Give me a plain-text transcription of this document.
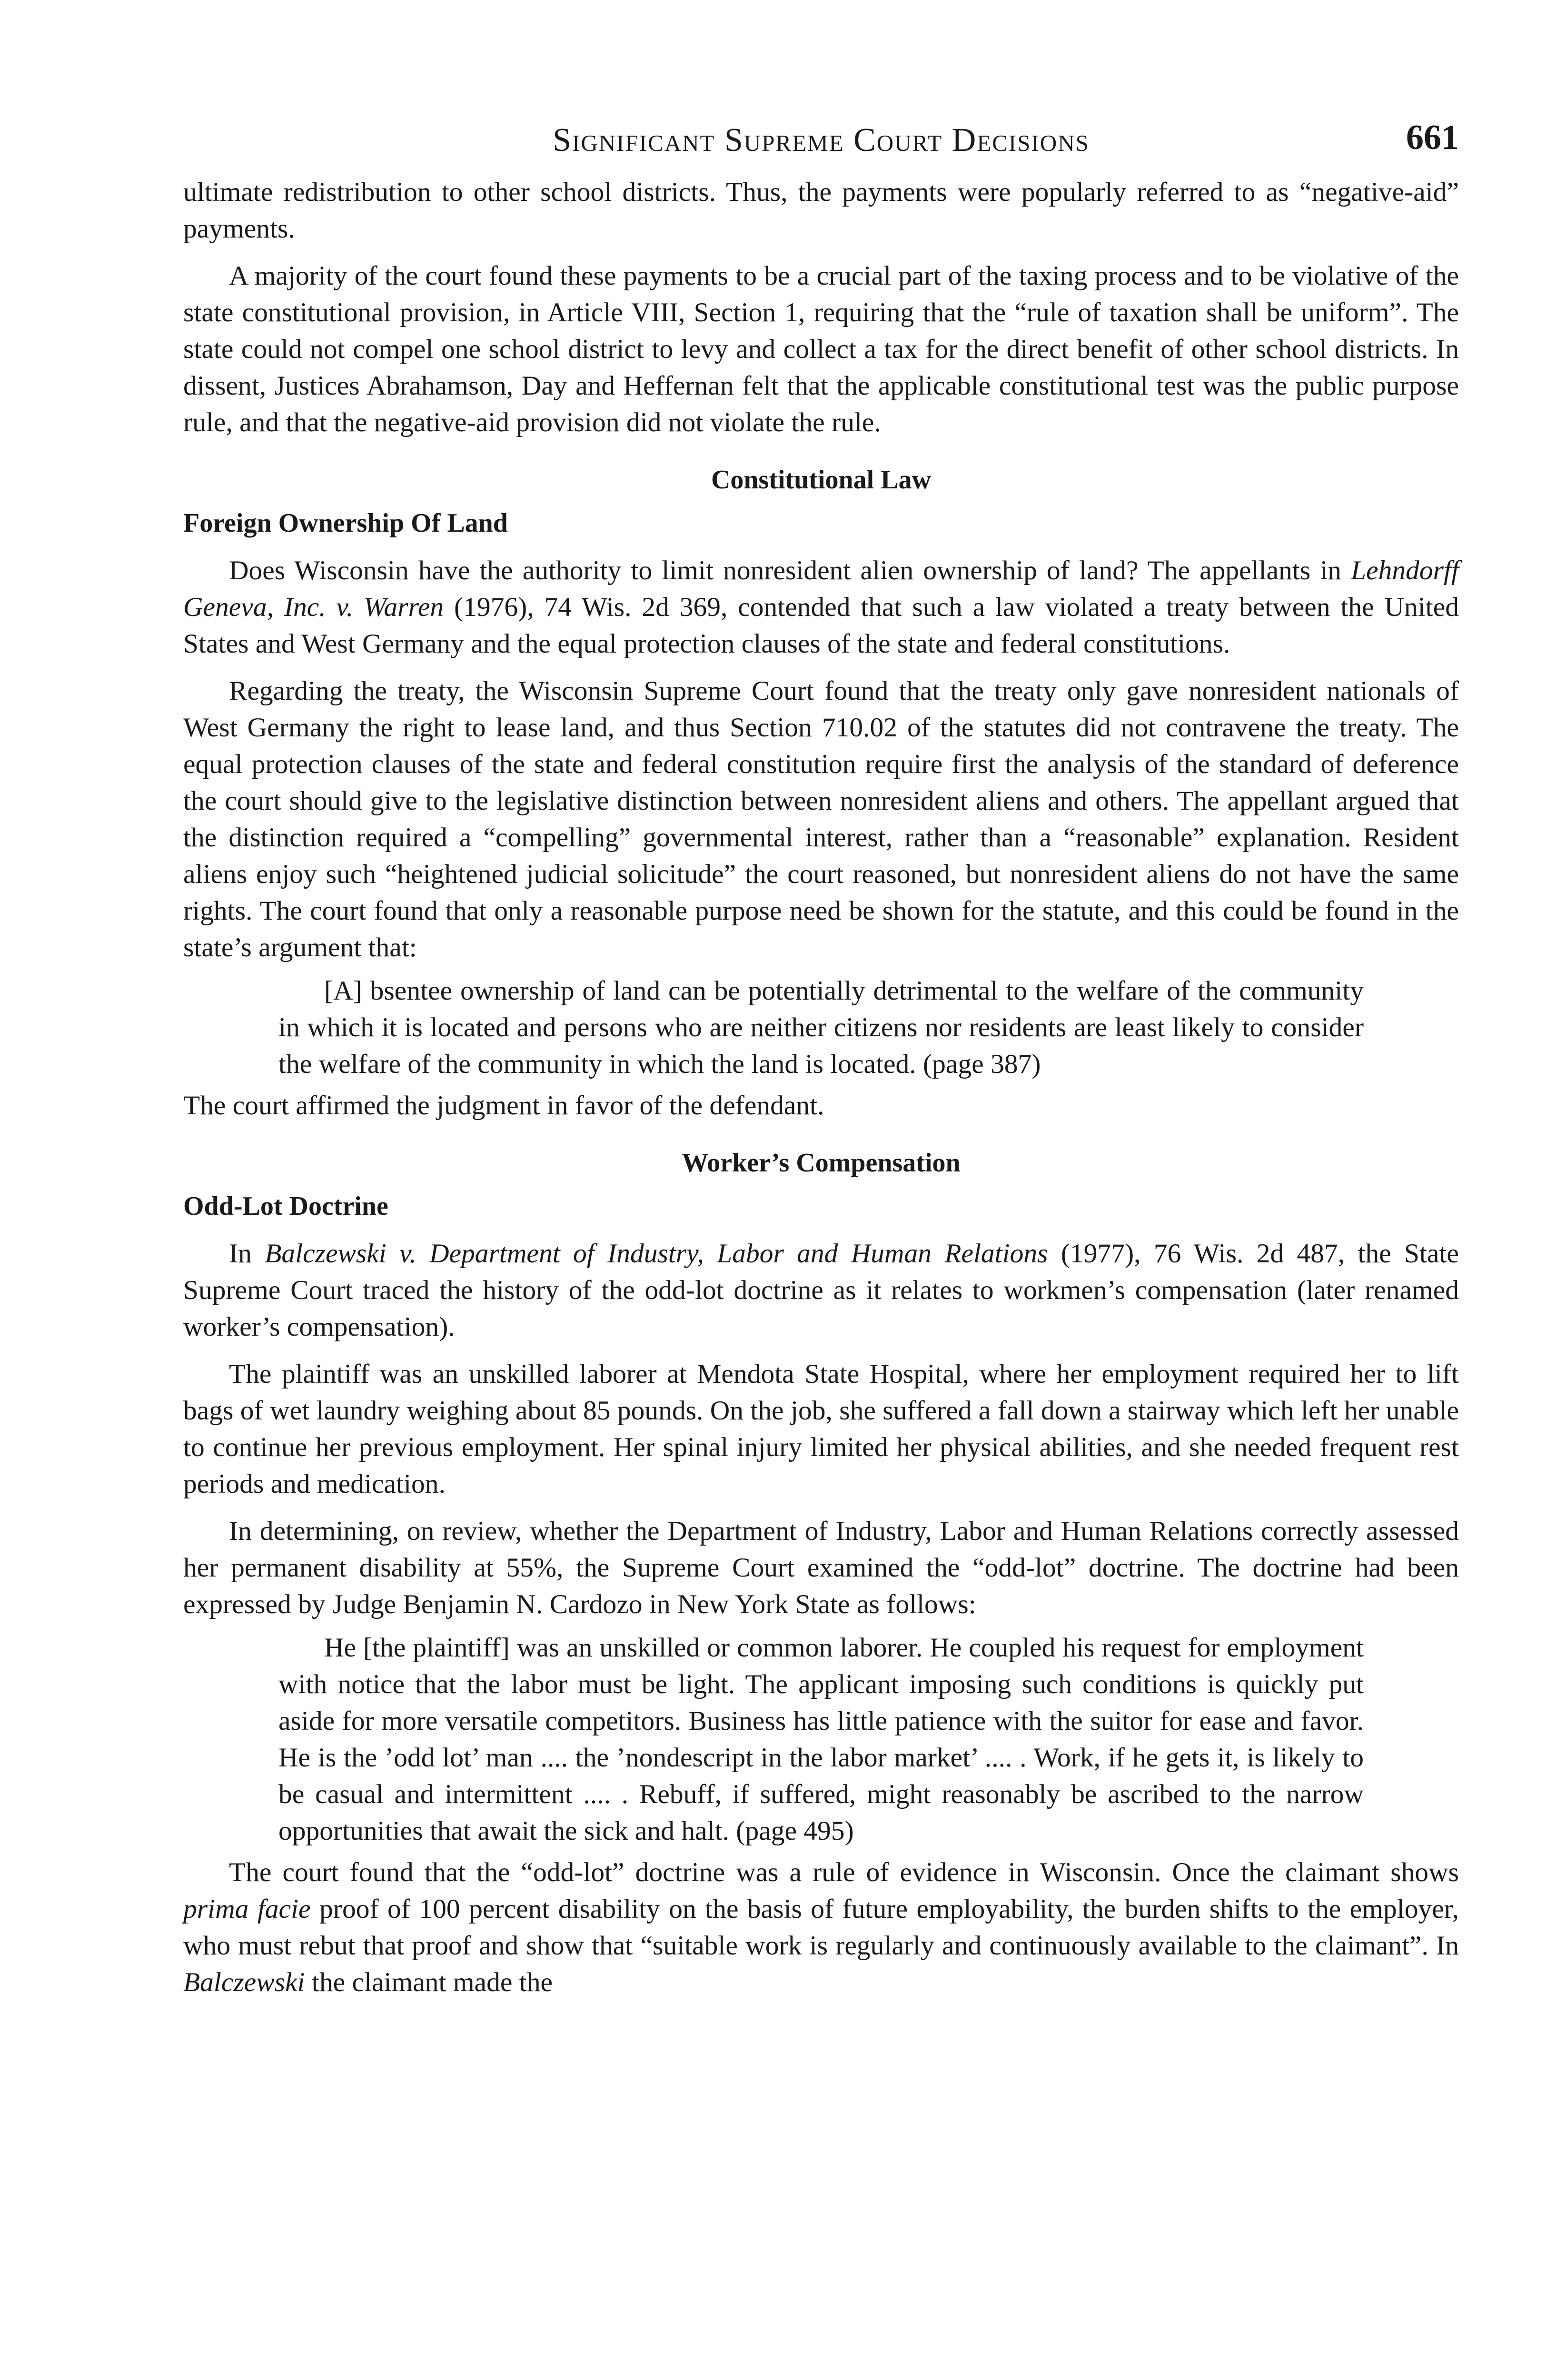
Significant Supreme Court Decisions	661

ultimate redistribution to other school districts. Thus, the payments were popularly referred to as “negative-aid” payments.

A majority of the court found these payments to be a crucial part of the taxing process and to be violative of the state constitutional provision, in Article VIII, Section 1, requiring that the “rule of taxation shall be uniform”. The state could not compel one school district to levy and collect a tax for the direct benefit of other school districts. In dissent, Justices Abrahamson, Day and Heffernan felt that the applicable constitutional test was the public purpose rule, and that the negative-aid provision did not violate the rule.

Constitutional Law
Foreign Ownership Of Land

Does Wisconsin have the authority to limit nonresident alien ownership of land? The appellants in Lehndorff Geneva, Inc. v. Warren (1976), 74 Wis. 2d 369, contended that such a law violated a treaty between the United States and West Germany and the equal protection clauses of the state and federal constitutions.

Regarding the treaty, the Wisconsin Supreme Court found that the treaty only gave nonresident nationals of West Germany the right to lease land, and thus Section 710.02 of the statutes did not contravene the treaty. The equal protection clauses of the state and federal constitution require first the analysis of the standard of deference the court should give to the legislative distinction between nonresident aliens and others. The appellant argued that the distinction required a “compelling” governmental interest, rather than a “reasonable” explanation. Resident aliens enjoy such “heightened judicial solicitude” the court reasoned, but nonresident aliens do not have the same rights. The court found that only a reasonable purpose need be shown for the statute, and this could be found in the state’s argument that:

[A] bsentee ownership of land can be potentially detrimental to the welfare of the community in which it is located and persons who are neither citizens nor residents are least likely to consider the welfare of the community in which the land is located. (page 387)

The court affirmed the judgment in favor of the defendant.

Worker’s Compensation
Odd-Lot Doctrine

In Balczewski v. Department of Industry, Labor and Human Relations (1977), 76 Wis. 2d 487, the State Supreme Court traced the history of the odd-lot doctrine as it relates to workmen’s compensation (later renamed worker’s compensation).

The plaintiff was an unskilled laborer at Mendota State Hospital, where her employment required her to lift bags of wet laundry weighing about 85 pounds. On the job, she suffered a fall down a stairway which left her unable to continue her previous employment. Her spinal injury limited her physical abilities, and she needed frequent rest periods and medication.

In determining, on review, whether the Department of Industry, Labor and Human Relations correctly assessed her permanent disability at 55%, the Supreme Court examined the “odd-lot” doctrine. The doctrine had been expressed by Judge Benjamin N. Cardozo in New York State as follows:

He [the plaintiff] was an unskilled or common laborer. He coupled his request for employment with notice that the labor must be light. The applicant imposing such conditions is quickly put aside for more versatile competitors. Business has little patience with the suitor for ease and favor. He is the ’odd lot’ man .... the ’nondescript in the labor market’ .... . Work, if he gets it, is likely to be casual and intermittent .... . Rebuff, if suffered, might reasonably be ascribed to the narrow opportunities that await the sick and halt. (page 495)

The court found that the “odd-lot” doctrine was a rule of evidence in Wisconsin. Once the claimant shows prima facie proof of 100 percent disability on the basis of future employability, the burden shifts to the employer, who must rebut that proof and show that “suitable work is regularly and continuously available to the claimant”. In Balczewski the claimant made the
